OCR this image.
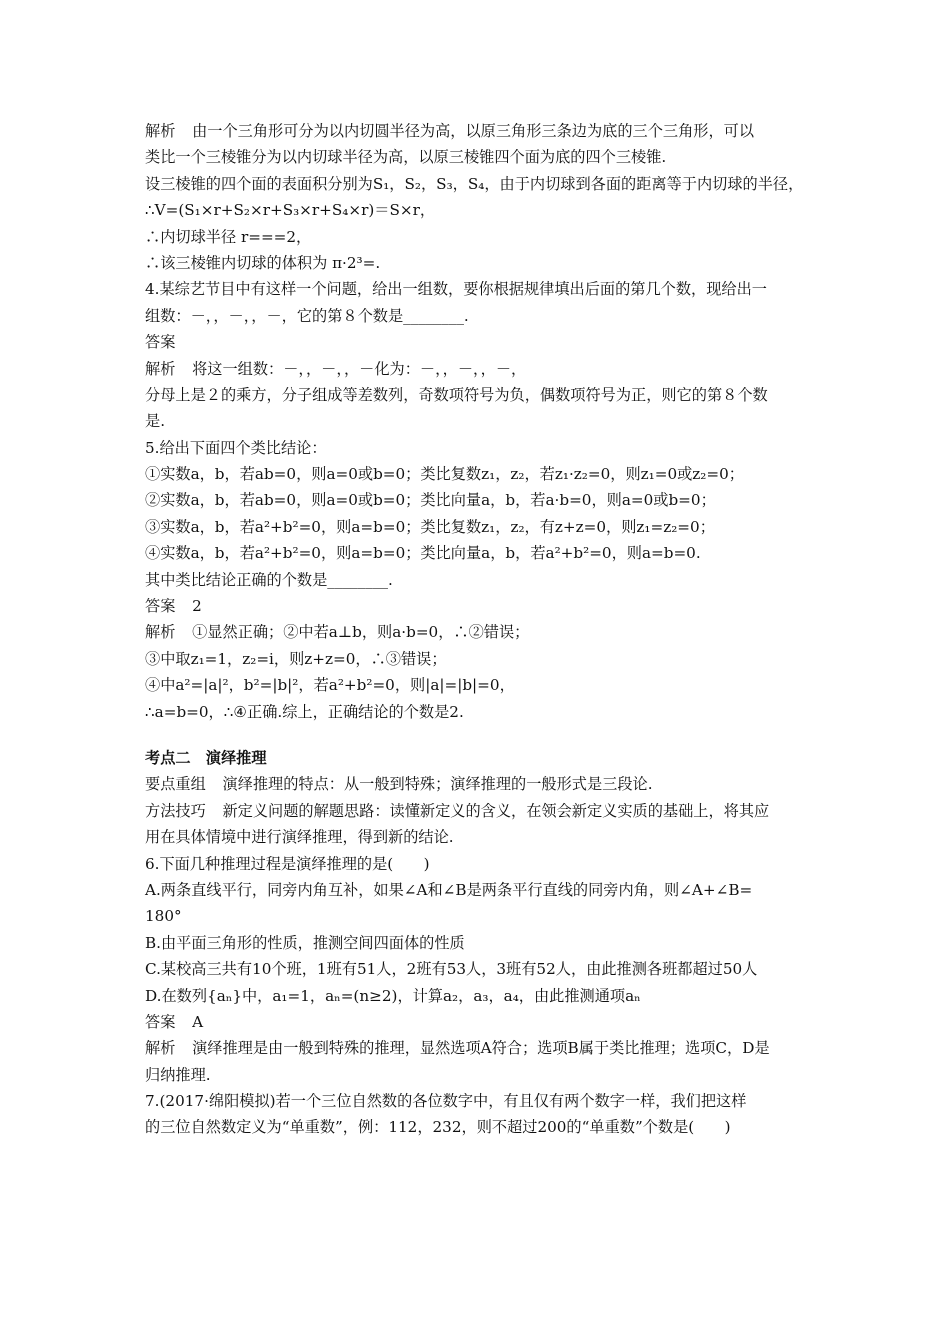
解析 由一个三角形可分为以内切圆半径为高，以原三角形三条边为底的三个三角形，可以
类比一个三棱锥分为以内切球半径为高，以原三棱锥四个面为底的四个三棱锥.
设三棱锥的四个面的表面积分别为S₁，S₂，S₃，S₄，由于内切球到各面的距离等于内切球的半径，
∴V=(S₁×r+S₂×r+S₃×r+S₄×r)＝S×r，
∴内切球半径 r===2，
∴该三棱锥内切球的体积为 π·2³=.
4.某综艺节目中有这样一个问题，给出一组数，要你根据规律填出后面的第几个数，现给出一
组数：－，，－，，－，它的第８个数是________.
答案
解析 将这一组数：－，，－，，－化为：－，，－，，－，
分母上是２的乘方，分子组成等差数列，奇数项符号为负，偶数项符号为正，则它的第８个数
是.
5.给出下面四个类比结论：
①实数a，b，若ab=0，则a=0或b=0；类比复数z₁，z₂，若z₁·z₂=0，则z₁=0或z₂=0；
②实数a，b，若ab=0，则a=0或b=0；类比向量a，b，若a·b=0，则a=0或b=0；
③实数a，b，若a²+b²=0，则a=b=0；类比复数z₁，z₂，有z+z=0，则z₁=z₂=0；
④实数a，b，若a²+b²=0，则a=b=0；类比向量a，b，若a²+b²=0，则a=b=0.
其中类比结论正确的个数是________.
答案 2
解析 ①显然正确；②中若a⊥b，则a·b=0，∴②错误；
③中取z₁=1，z₂=i，则z+z=0，∴③错误；
④中a²=|a|²，b²=|b|²，若a²+b²=0，则|a|=|b|=0，
∴a=b=0，∴④正确.综上，正确结论的个数是2.
考点二　演绎推理
要点重组 演绎推理的特点：从一般到特殊；演绎推理的一般形式是三段论.
方法技巧 新定义问题的解题思路：读懂新定义的含义，在领会新定义实质的基础上，将其应
用在具体情境中进行演绎推理，得到新的结论.
6.下面几种推理过程是演绎推理的是(　　)
A.两条直线平行，同旁内角互补，如果∠A和∠B是两条平行直线的同旁内角，则∠A+∠B=
180°
B.由平面三角形的性质，推测空间四面体的性质
C.某校高三共有10个班，1班有51人，2班有53人，3班有52人，由此推测各班都超过50人
D.在数列{aₙ}中，a₁=1，aₙ=(n≥2)，计算a₂，a₃，a₄，由此推测通项aₙ
答案 A
解析 演绎推理是由一般到特殊的推理，显然选项A符合；选项B属于类比推理；选项C，D是
归纳推理.
7.(2017·绵阳模拟)若一个三位自然数的各位数字中，有且仅有两个数字一样，我们把这样
的三位自然数定义为“单重数”，例：112，232，则不超过200的“单重数”个数是(　　)
